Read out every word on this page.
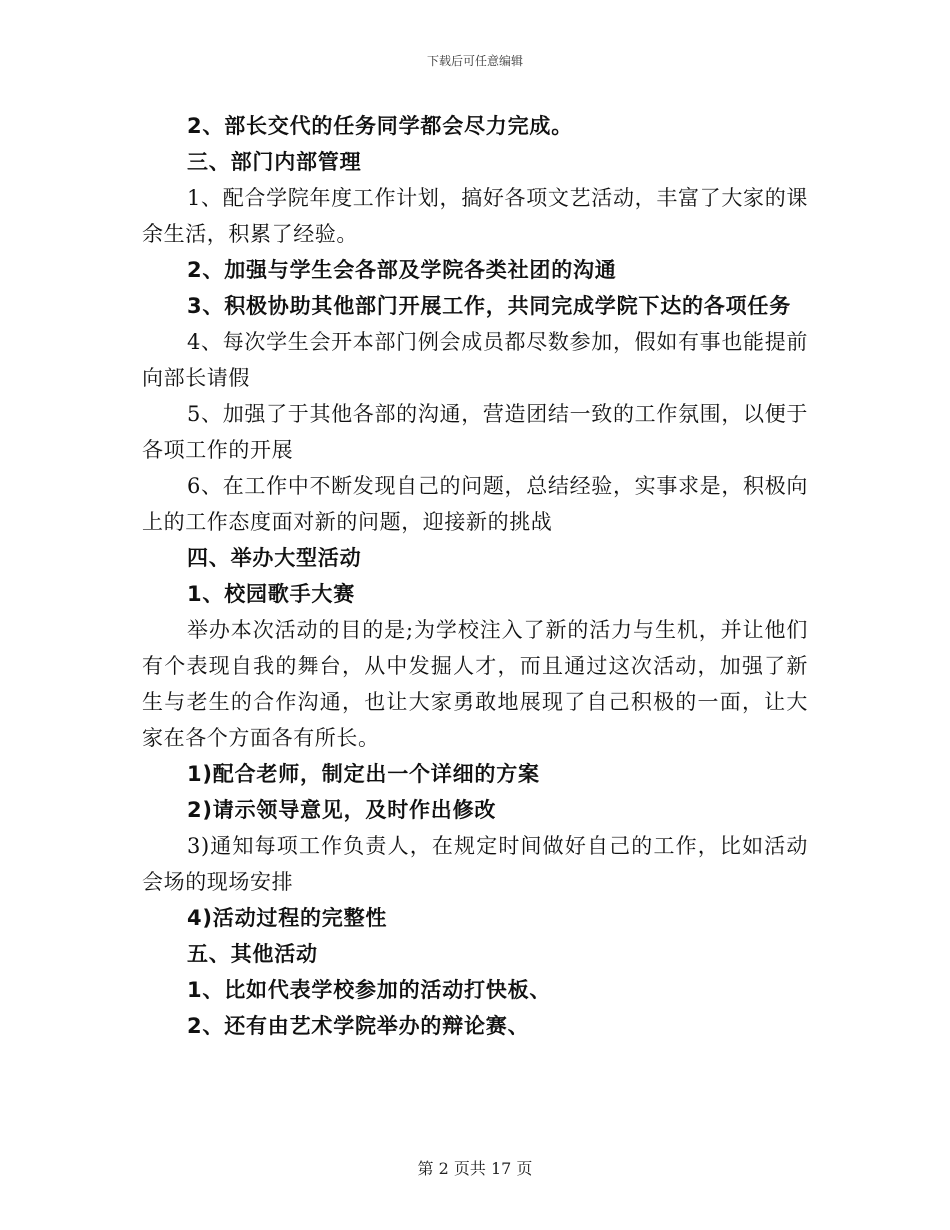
下载后可任意编辑
2、部长交代的任务同学都会尽力完成。
三、部门内部管理
1、配合学院年度工作计划，搞好各项文艺活动，丰富了大家的课
余生活，积累了经验。
2、加强与学生会各部及学院各类社团的沟通
3、积极协助其他部门开展工作，共同完成学院下达的各项任务
4、每次学生会开本部门例会成员都尽数参加，假如有事也能提前
向部长请假
5、加强了于其他各部的沟通，营造团结一致的工作氛围，以便于
各项工作的开展
6、在工作中不断发现自己的问题，总结经验，实事求是，积极向
上的工作态度面对新的问题，迎接新的挑战
四、举办大型活动
1、校园歌手大赛
举办本次活动的目的是;为学校注入了新的活力与生机，并让他们
有个表现自我的舞台，从中发掘人才，而且通过这次活动，加强了新
生与老生的合作沟通，也让大家勇敢地展现了自己积极的一面，让大
家在各个方面各有所长。
1)配合老师，制定出一个详细的方案
2)请示领导意见，及时作出修改
3)通知每项工作负责人，在规定时间做好自己的工作，比如活动
会场的现场安排
4)活动过程的完整性
五、其他活动
1、比如代表学校参加的活动打快板、
2、还有由艺术学院举办的辩论赛、
第 2 页共 17 页
